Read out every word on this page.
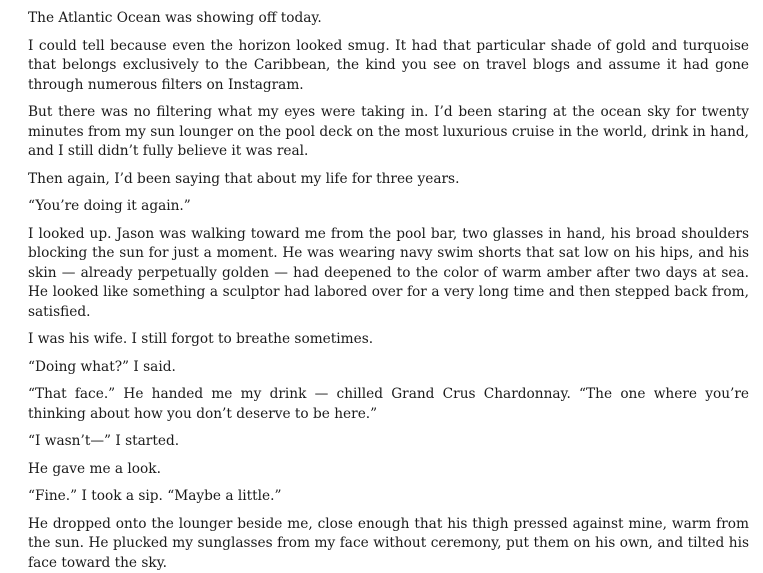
The Atlantic Ocean was showing off today.

I could tell because even the horizon looked smug. It had that particular shade of gold and turquoise that belongs exclusively to the Caribbean, the kind you see on travel blogs and assume it had gone through numerous filters on Instagram.

But there was no filtering what my eyes were taking in. I’d been staring at the ocean sky for twenty minutes from my sun lounger on the pool deck on the most luxurious cruise in the world, drink in hand, and I still didn’t fully believe it was real.

Then again, I’d been saying that about my life for three years.

“You’re doing it again.”

I looked up. Jason was walking toward me from the pool bar, two glasses in hand, his broad shoulders blocking the sun for just a moment. He was wearing navy swim shorts that sat low on his hips, and his skin — already perpetually golden — had deepened to the color of warm amber after two days at sea. He looked like something a sculptor had labored over for a very long time and then stepped back from, satisfied.

I was his wife. I still forgot to breathe sometimes.

“Doing what?” I said.

“That face.” He handed me my drink — chilled Grand Crus Chardonnay. “The one where you’re thinking about how you don’t deserve to be here.”

“I wasn’t—” I started.

He gave me a look.

“Fine.” I took a sip. “Maybe a little.”

He dropped onto the lounger beside me, close enough that his thigh pressed against mine, warm from the sun. He plucked my sunglasses from my face without ceremony, put them on his own, and tilted his face toward the sky.
